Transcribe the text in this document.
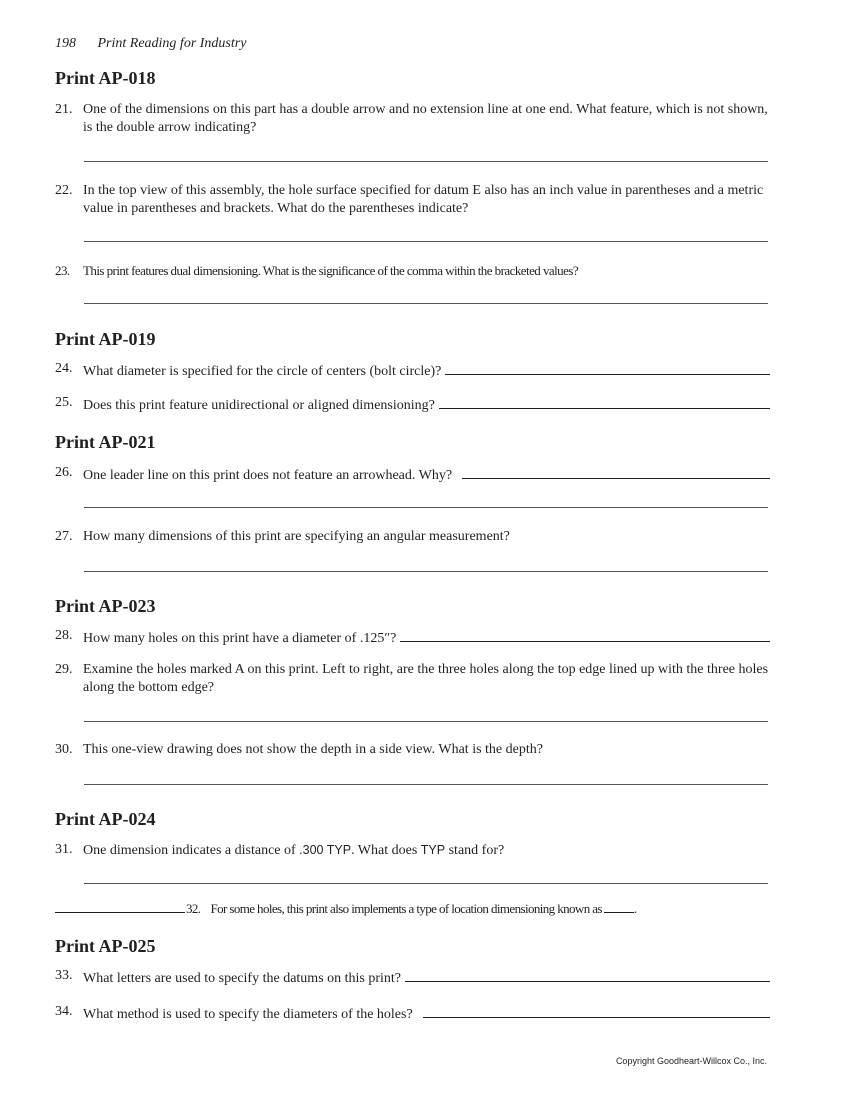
198 Print Reading for Industry
Print AP-018
21. One of the dimensions on this part has a double arrow and no extension line at one end. What feature, which is not shown, is the double arrow indicating?
22. In the top view of this assembly, the hole surface specified for datum E also has an inch value in parentheses and a metric value in parentheses and brackets. What do the parentheses indicate?
23. This print features dual dimensioning. What is the significance of the comma within the bracketed values?
Print AP-019
24. What diameter is specified for the circle of centers (bolt circle)?
25. Does this print feature unidirectional or aligned dimensioning?
Print AP-021
26. One leader line on this print does not feature an arrowhead. Why?
27. How many dimensions of this print are specifying an angular measurement?
Print AP-023
28. How many holes on this print have a diameter of .125″?
29. Examine the holes marked A on this print. Left to right, are the three holes along the top edge lined up with the three holes along the bottom edge?
30. This one-view drawing does not show the depth in a side view. What is the depth?
Print AP-024
31. One dimension indicates a distance of .300 TYP. What does TYP stand for?
32. For some holes, this print also implements a type of location dimensioning known as .
Print AP-025
33. What letters are used to specify the datums on this print?
34. What method is used to specify the diameters of the holes?
Copyright Goodheart-Willcox Co., Inc.
